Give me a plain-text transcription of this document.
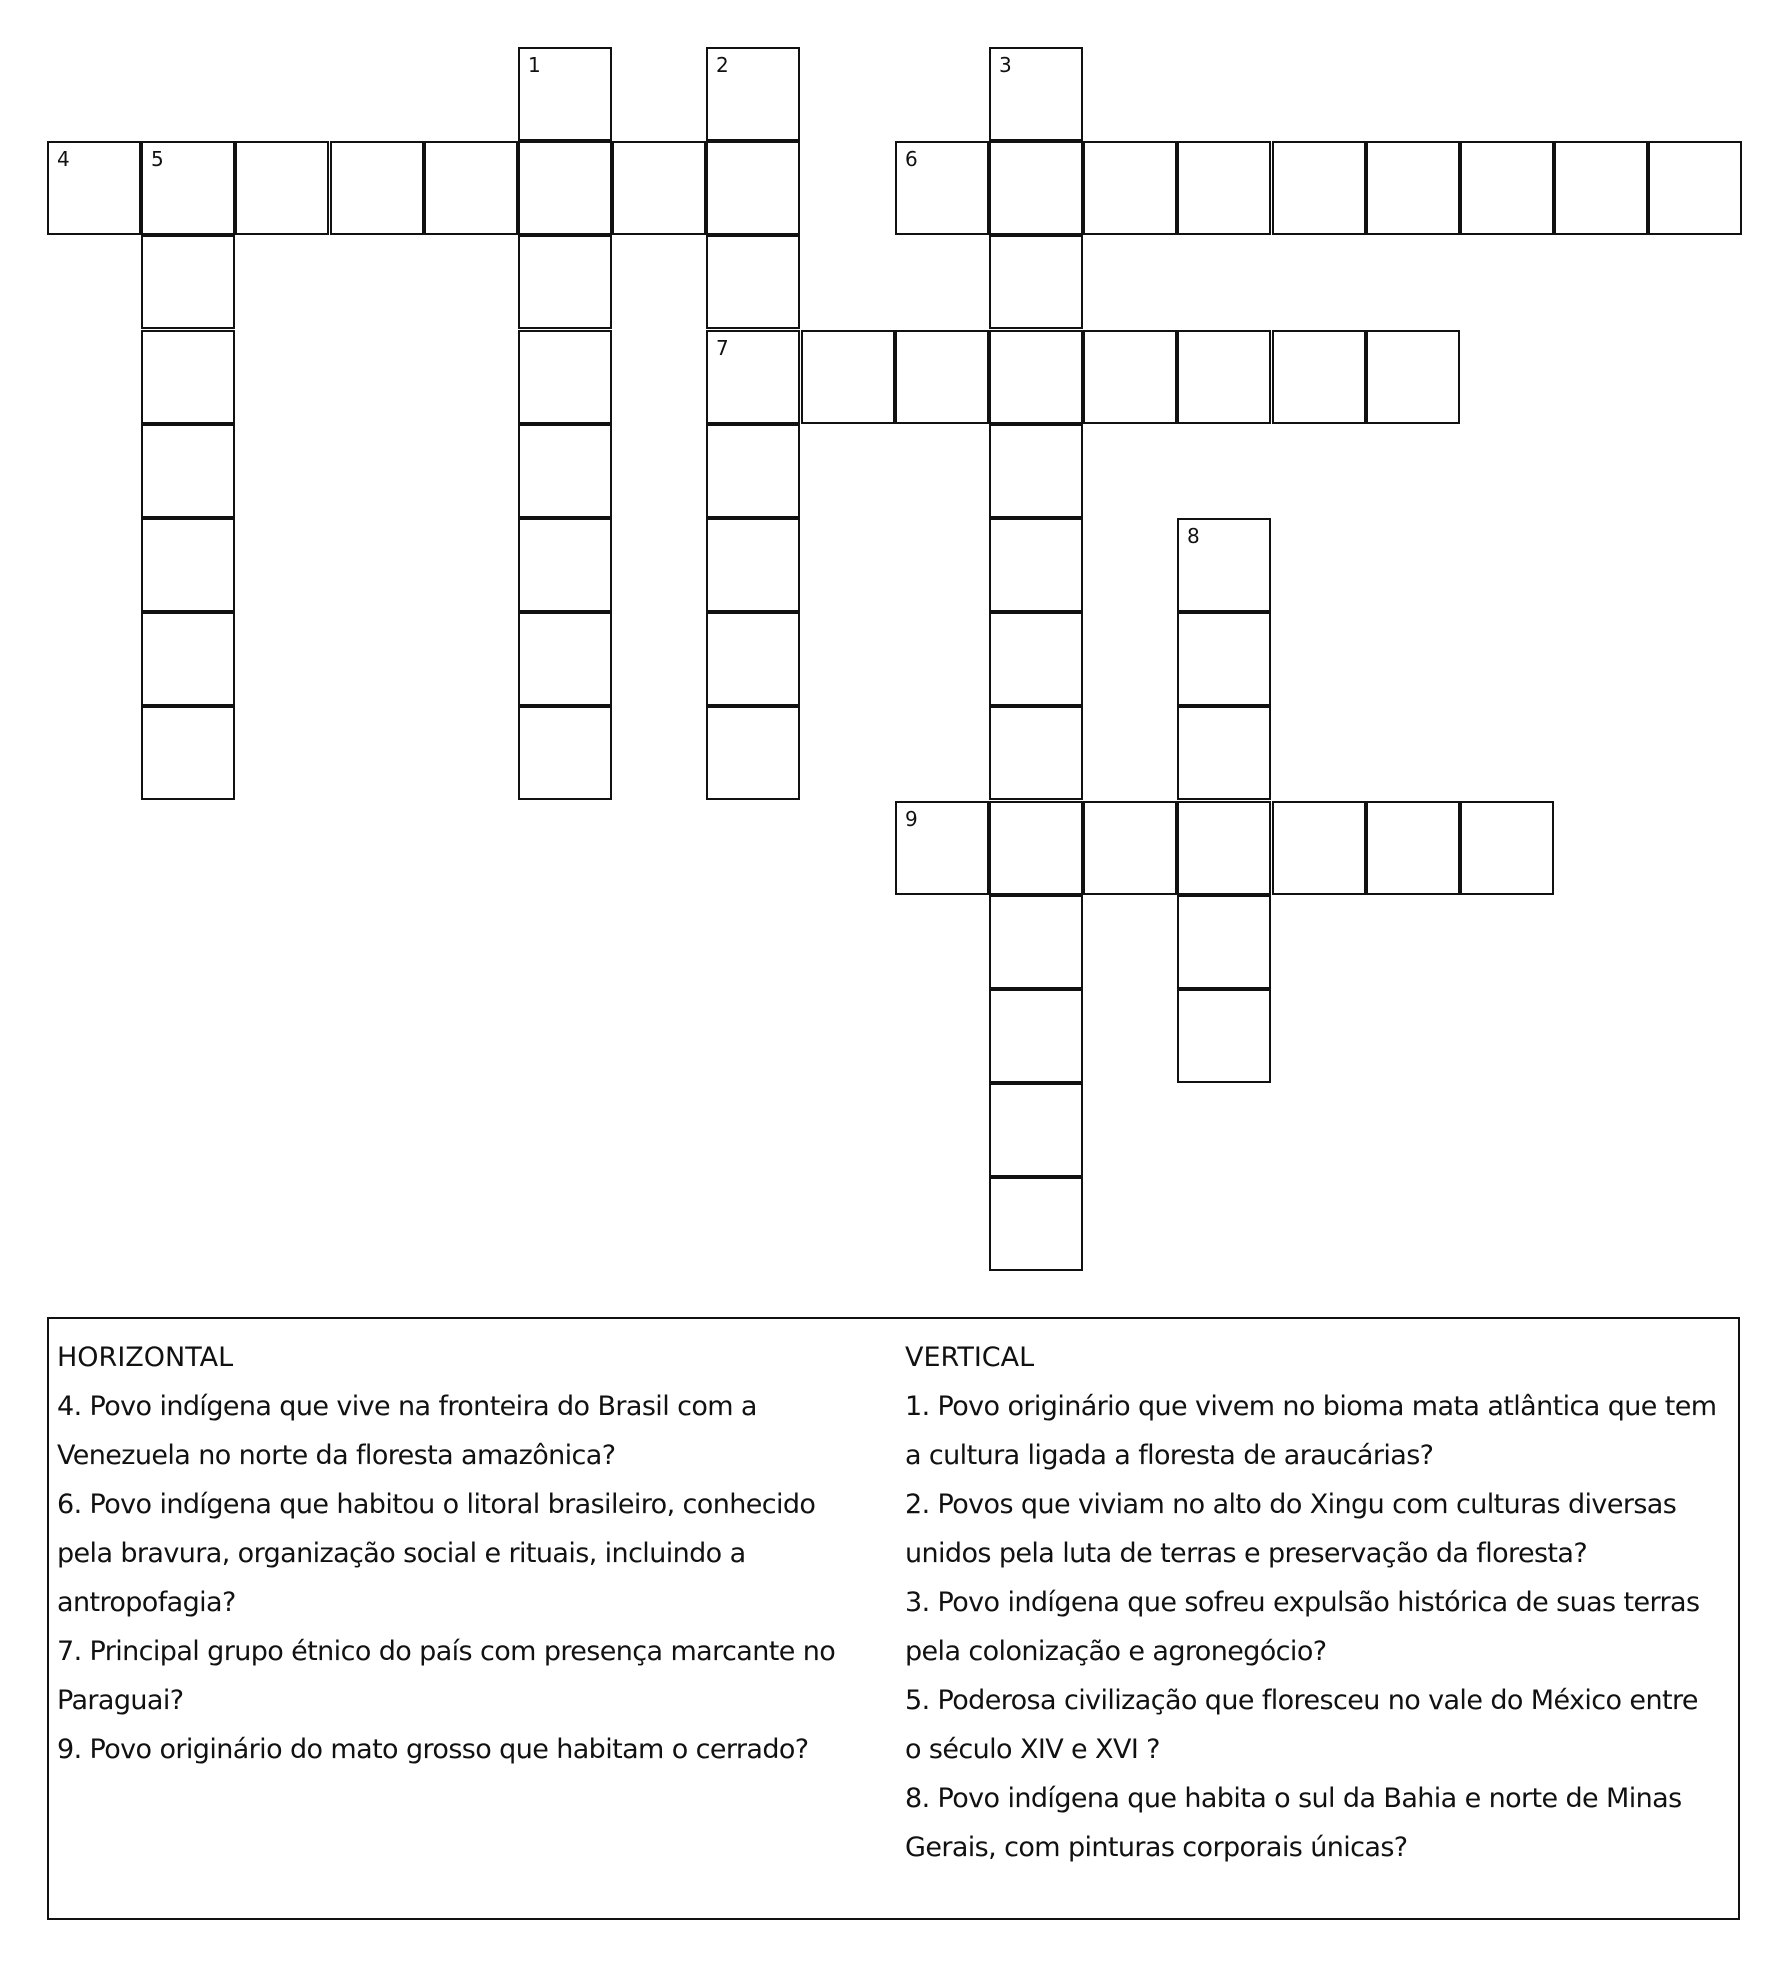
1	2	3
4	5	6
7
8
9
HORIZONTAL

4. Povo indígena que vive na fronteira do Brasil com a

Venezuela no norte da floresta amazônica?

6. Povo indígena que habitou o litoral brasileiro, conhecido

pela bravura, organização social e rituais, incluindo a

antropofagia?

7. Principal grupo étnico do país com presença marcante no

Paraguai?

9. Povo originário do mato grosso que habitam o cerrado?

VERTICAL

1. Povo originário que vivem no bioma mata atlântica que tem

a cultura ligada a floresta de araucárias?

2. Povos que viviam no alto do Xingu com culturas diversas

unidos pela luta de terras e preservação da floresta?

3. Povo indígena que sofreu expulsão histórica de suas terras

pela colonização e agronegócio?

5. Poderosa civilização que floresceu no vale do México entre

o século XIV e XVI ?

8. Povo indígena que habita o sul da Bahia e norte de Minas

Gerais, com pinturas corporais únicas?
